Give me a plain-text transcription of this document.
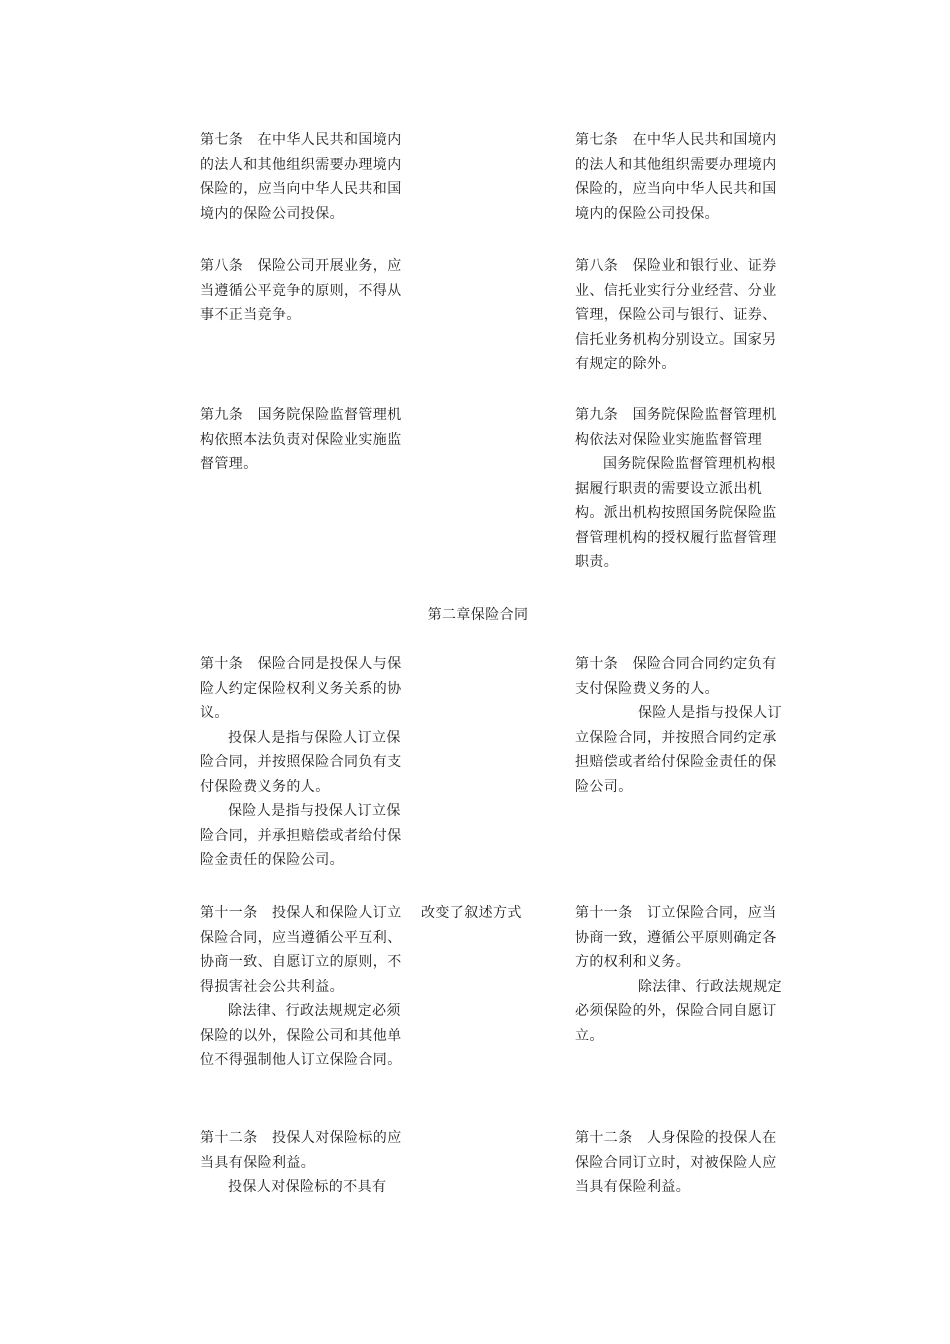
第七条　在中华人民共和国境内的法人和其他组织需要办理境内保险的，应当向中华人民共和国境内的保险公司投保。

第七条　在中华人民共和国境内的法人和其他组织需要办理境内保险的，应当向中华人民共和国境内的保险公司投保。

第八条　保险公司开展业务，应当遵循公平竞争的原则，不得从事不正当竞争。

第八条　保险业和银行业、证券业、信托业实行分业经营、分业管理，保险公司与银行、证券、信托业务机构分别设立。国家另有规定的除外。

第九条　国务院保险监督管理机构依照本法负责对保险业实施监督管理。

第九条　国务院保险监督管理机构依法对保险业实施监督管理

国务院保险监督管理机构根据履行职责的需要设立派出机构。派出机构按照国务院保险监督管理机构的授权履行监督管理职责。

第二章保险合同

第十条　保险合同是投保人与保险人约定保险权利义务关系的协议。

投保人是指与保险人订立保险合同，并按照保险合同负有支付保险费义务的人。

保险人是指与投保人订立保险合同，并承担赔偿或者给付保险金责任的保险公司。

第十条　保险合同合同约定负有支付保险费义务的人。

保险人是指与投保人订立保险合同，并按照合同约定承担赔偿或者给付保险金责任的保险公司。

第十一条　投保人和保险人订立保险合同，应当遵循公平互利、协商一致、自愿订立的原则，不得损害社会公共利益。

除法律、行政法规规定必须保险的以外，保险公司和其他单位不得强制他人订立保险合同。

改变了叙述方式	第十一条　订立保险合同，应当协商一致，遵循公平原则确定各方的权利和义务。

除法律、行政法规规定必须保险的外，保险合同自愿订立。

第十二条　投保人对保险标的应当具有保险利益。

投保人对保险标的不具有

第十二条　人身保险的投保人在保险合同订立时，对被保险人应当具有保险利益。
